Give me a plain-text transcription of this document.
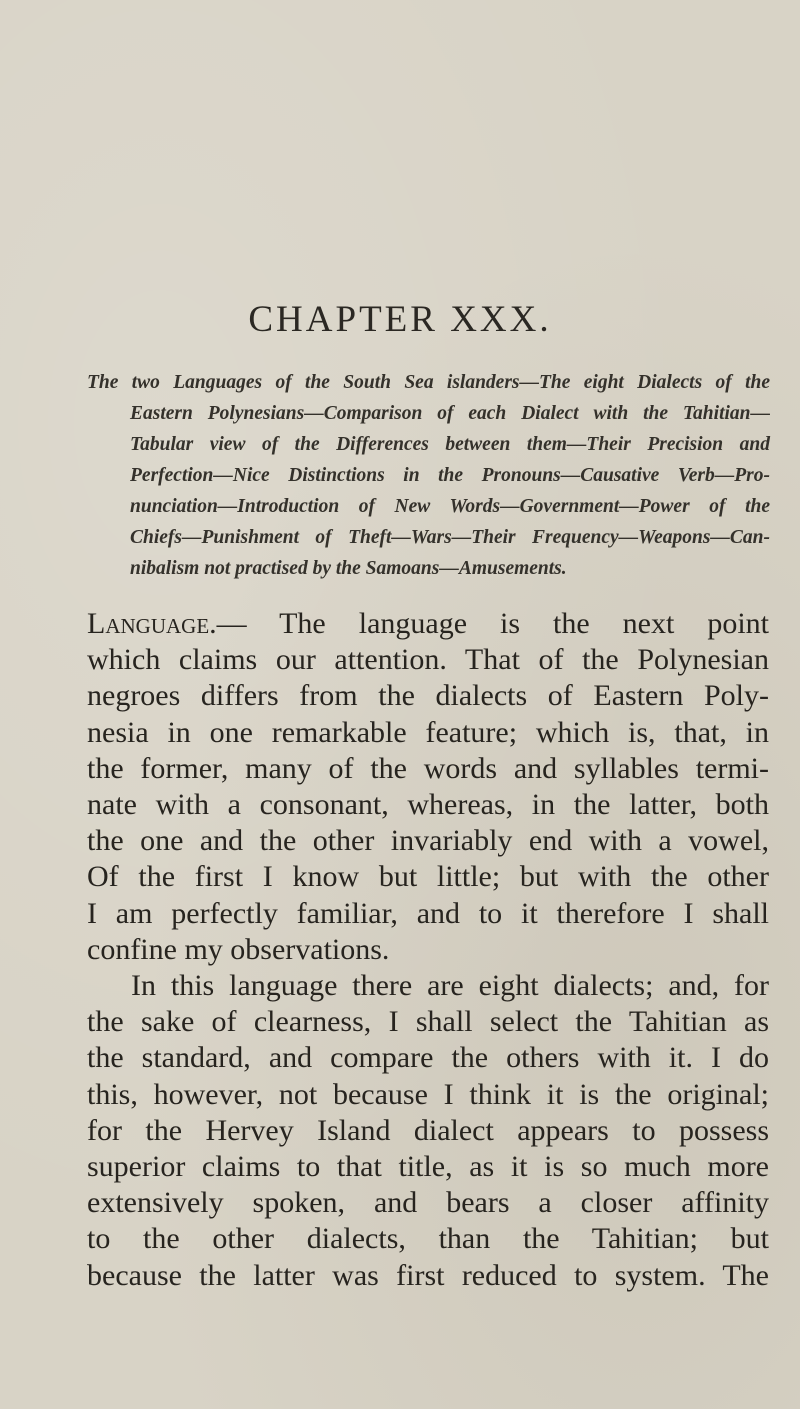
CHAPTER XXX.
The two Languages of the South Sea islanders—The eight Dialects of the
Eastern Polynesians—Comparison of each Dialect with the Tahitian—
Tabular view of the Differences between them—Their Precision and
Perfection—Nice Distinctions in the Pronouns—Causative Verb—Pro-
nunciation—Introduction of New Words—Government—Power of the
Chiefs—Punishment of Theft—Wars—Their Frequency—Weapons—Can-
nibalism not practised by the Samoans—Amusements.
Language.— The language is the next point
which claims our attention. That of the Polynesian
negroes differs from the dialects of Eastern Poly-
nesia in one remarkable feature; which is, that, in
the former, many of the words and syllables termi-
nate with a consonant, whereas, in the latter, both
the one and the other invariably end with a vowel,
Of the first I know but little; but with the other
I am perfectly familiar, and to it therefore I shall
confine my observations.
In this language there are eight dialects; and, for
the sake of clearness, I shall select the Tahitian as
the standard, and compare the others with it. I do
this, however, not because I think it is the original;
for the Hervey Island dialect appears to possess
superior claims to that title, as it is so much more
extensively spoken, and bears a closer affinity
to the other dialects, than the Tahitian; but
because the latter was first reduced to system. The
